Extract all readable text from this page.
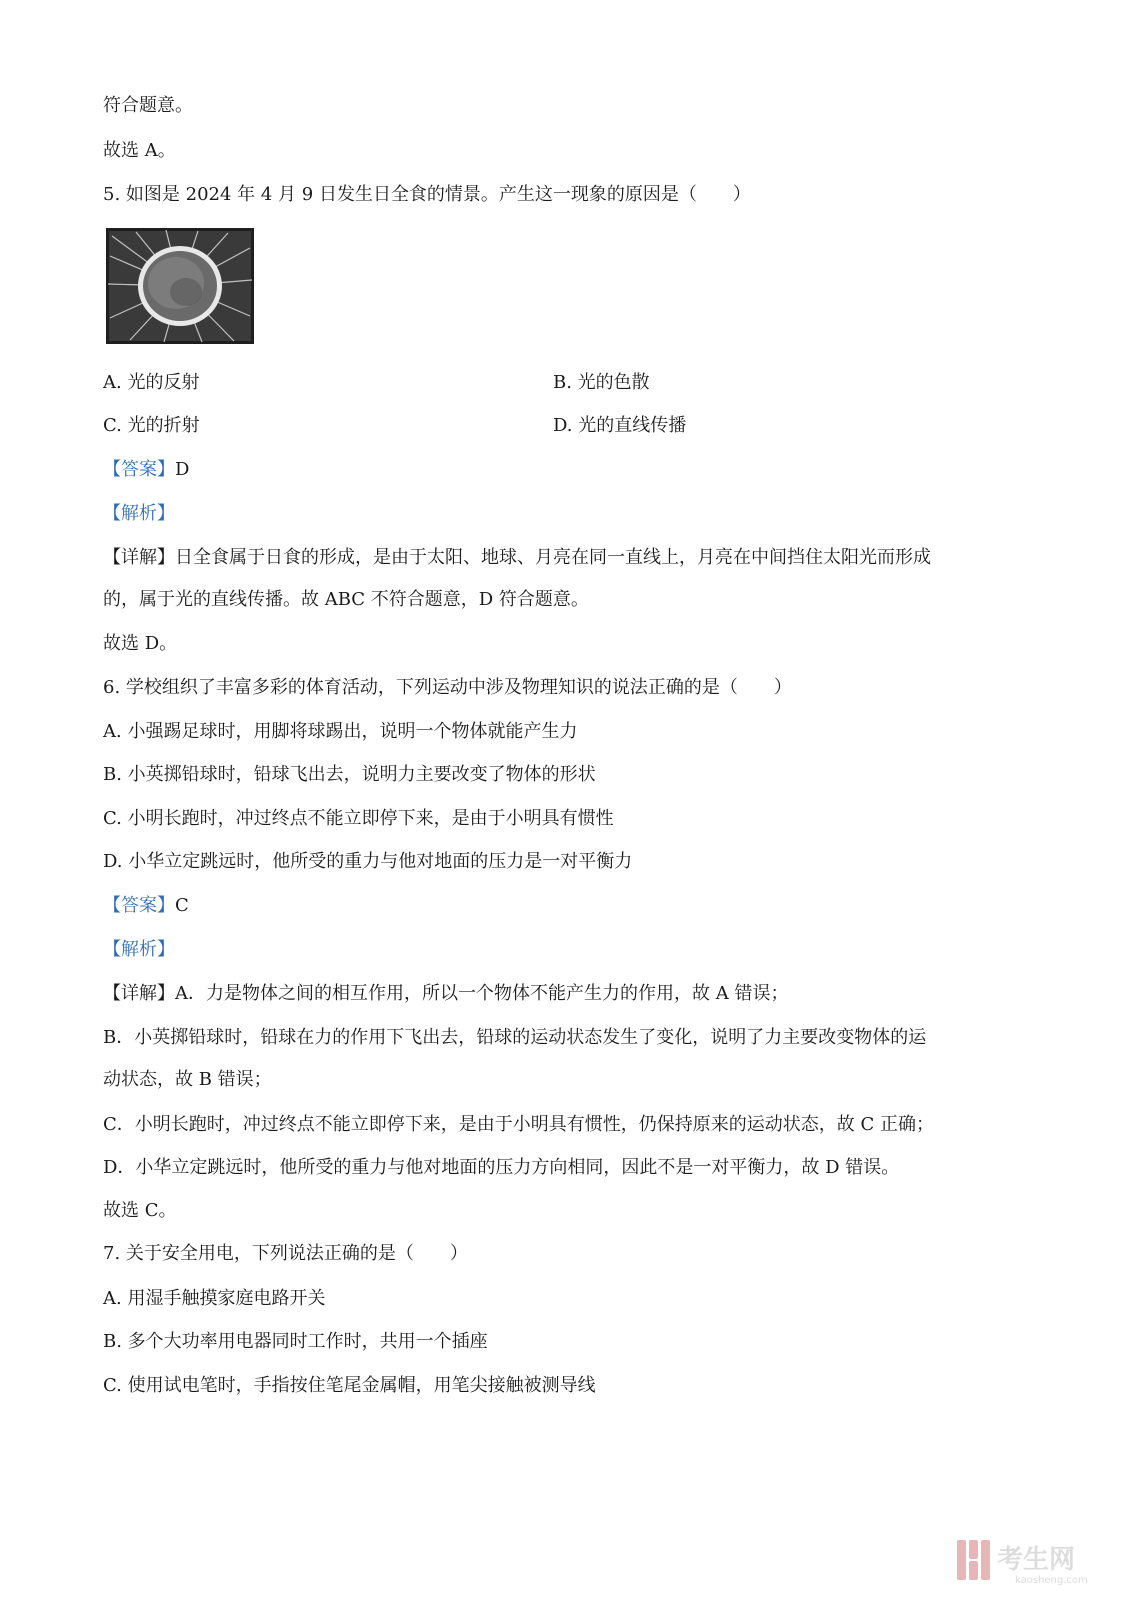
符合题意。
故选 A。
5. 如图是 2024 年 4 月 9 日发生日全食的情景。产生这一现象的原因是（　　）
A. 光的反射	B. 光的色散
C. 光的折射	D. 光的直线传播
【答案】D
【解析】
【详解】日全食属于日食的形成，是由于太阳、地球、月亮在同一直线上，月亮在中间挡住太阳光而形成
的，属于光的直线传播。故 ABC 不符合题意，D 符合题意。
故选 D。
6. 学校组织了丰富多彩的体育活动，下列运动中涉及物理知识的说法正确的是（　　）
A. 小强踢足球时，用脚将球踢出，说明一个物体就能产生力
B. 小英掷铅球时，铅球飞出去，说明力主要改变了物体的形状
C. 小明长跑时，冲过终点不能立即停下来，是由于小明具有惯性
D. 小华立定跳远时，他所受的重力与他对地面的压力是一对平衡力
【答案】C
【解析】
【详解】A．力是物体之间的相互作用，所以一个物体不能产生力的作用，故 A 错误；
B．小英掷铅球时，铅球在力的作用下飞出去，铅球的运动状态发生了变化，说明了力主要改变物体的运
动状态，故 B 错误；
C．小明长跑时，冲过终点不能立即停下来，是由于小明具有惯性，仍保持原来的运动状态，故 C 正确；
D．小华立定跳远时，他所受的重力与他对地面的压力方向相同，因此不是一对平衡力，故 D 错误。
故选 C。
7. 关于安全用电，下列说法正确的是（　　）
A. 用湿手触摸家庭电路开关
B. 多个大功率用电器同时工作时，共用一个插座
C. 使用试电笔时，手指按住笔尾金属帽，用笔尖接触被测导线
考生网
kaosheng.com
